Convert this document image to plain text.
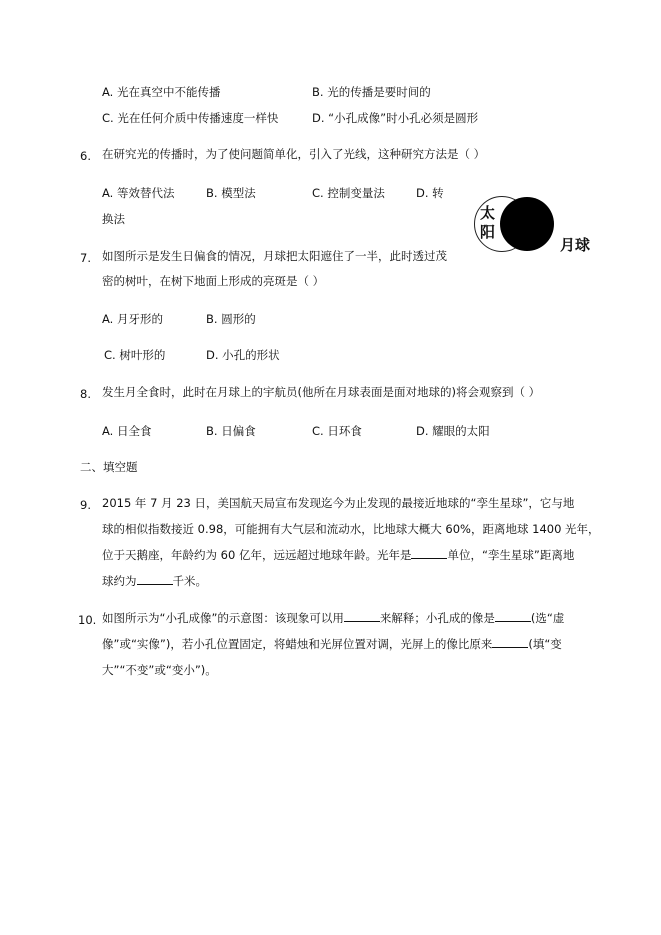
A. 光在真空中不能传播	B. 光的传播是要时间的
C. 光在任何介质中传播速度一样快	D. “小孔成像”时小孔必须是圆形
6. 在研究光的传播时，为了使问题简单化，引入了光线，这种研究方法是（ ）
A. 等效替代法	B. 模型法	C. 控制变量法	D. 转
换法	太阳
月球
7. 如图所示是发生日偏食的情况，月球把太阳遮住了一半，此时透过茂
密的树叶，在树下地面上形成的亮斑是（ ）
A. 月牙形的	B. 圆形的
C. 树叶形的	D. 小孔的形状
8. 发生月全食时，此时在月球上的宇航员(他所在月球表面是面对地球的)将会观察到（ ）
A. 日全食	B. 日偏食	C. 日环食	D. 耀眼的太阳
二、填空题
9. 2015 年 7 月 23 日，美国航天局宣布发现迄今为止发现的最接近地球的“孪生星球”，它与地
球的相似指数接近 0.98，可能拥有大气层和流动水，比地球大概大 60%，距离地球 1400 光年，
位于天鹅座，年龄约为 60 亿年，远远超过地球年龄。光年是	单位，“孪生星球”距离地
球约为	千米。
10. 如图所示为“小孔成像”的示意图：该现象可以用	来解释；小孔成的像是	(选“虚
像”或“实像”)，若小孔位置固定，将蜡烛和光屏位置对调，光屏上的像比原来	(填“变
大”“不变”或“变小”)。
